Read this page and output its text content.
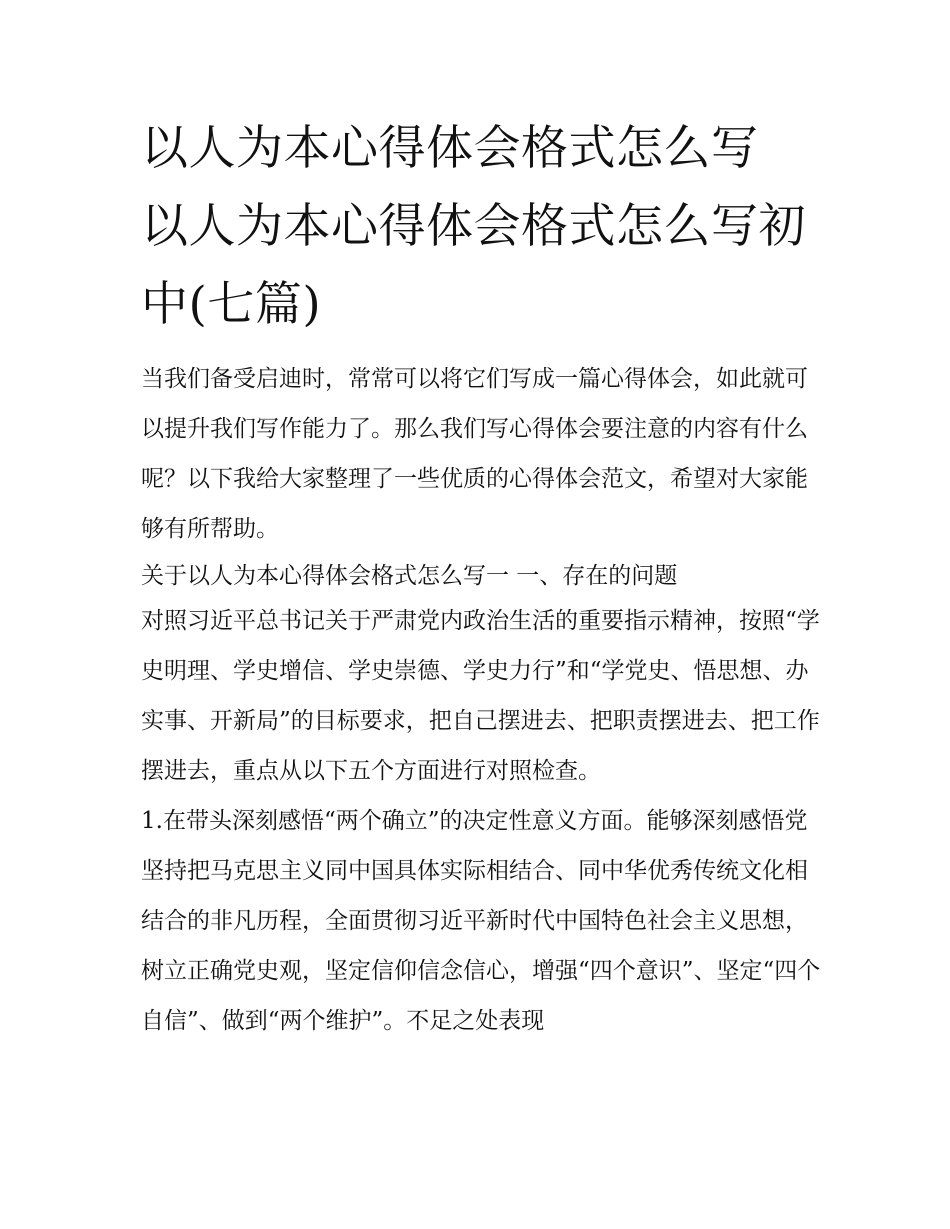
以人为本心得体会格式怎么写 以人为本心得体会格式怎么写初中(七篇)

当我们备受启迪时，常常可以将它们写成一篇心得体会，如此就可以提升我们写作能力了。那么我们写心得体会要注意的内容有什么呢？以下我给大家整理了一些优质的心得体会范文，希望对大家能够有所帮助。

关于以人为本心得体会格式怎么写一 一、存在的问题

对照习近平总书记关于严肃党内政治生活的重要指示精神，按照“学史明理、学史增信、学史崇德、学史力行”和“学党史、悟思想、办实事、开新局”的目标要求，把自己摆进去、把职责摆进去、把工作摆进去，重点从以下五个方面进行对照检查。

1.在带头深刻感悟“两个确立”的决定性意义方面。能够深刻感悟党坚持把马克思主义同中国具体实际相结合、同中华优秀传统文化相结合的非凡历程，全面贯彻习近平新时代中国特色社会主义思想，树立正确党史观，坚定信仰信念信心，增强“四个意识”、坚定“四个自信”、做到“两个维护”。不足之处表现
